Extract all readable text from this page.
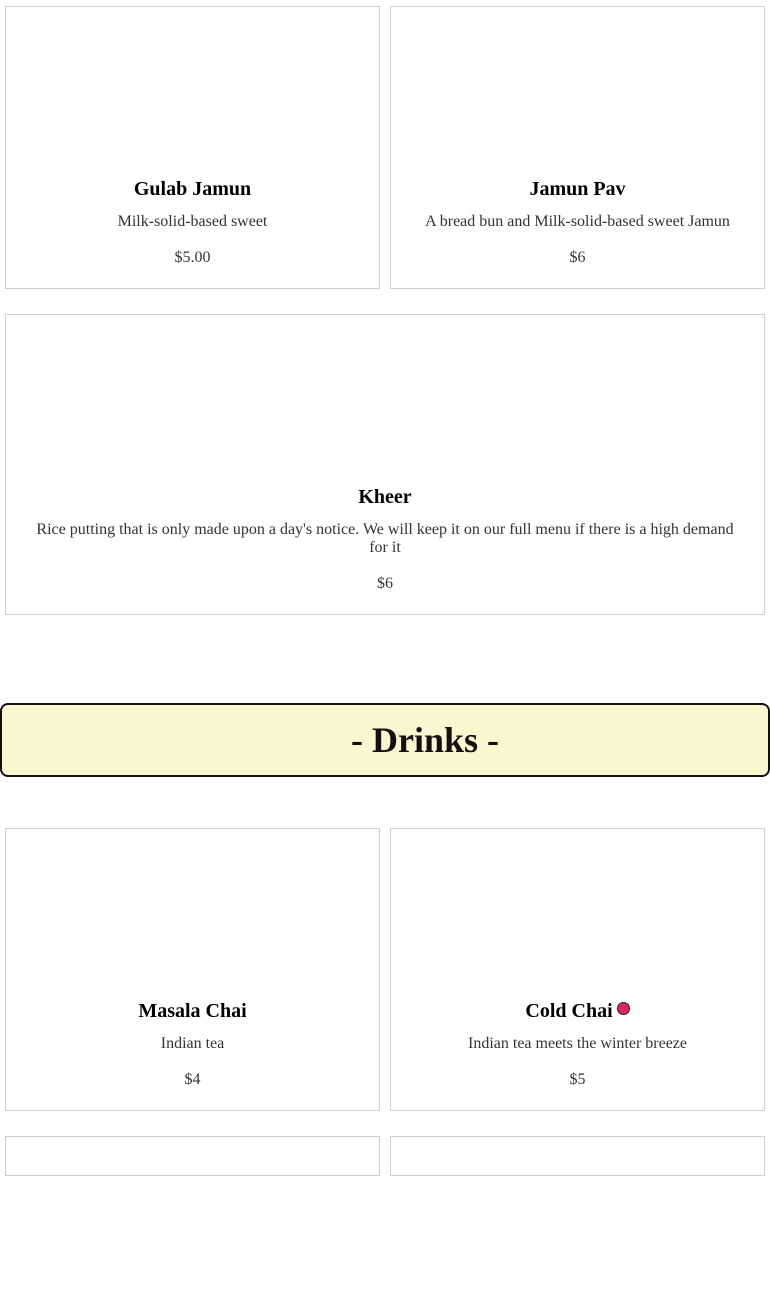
Gulab Jamun
Milk-solid-based sweet
$5.00
Jamun Pav
A bread bun and Milk-solid-based sweet Jamun
$6
Kheer
Rice putting that is only made upon a day's notice. We will keep it on our full menu if there is a high demand for it
$6
- Drinks -
Masala Chai
Indian tea
$4
Cold Chai
Indian tea meets the winter breeze
$5
